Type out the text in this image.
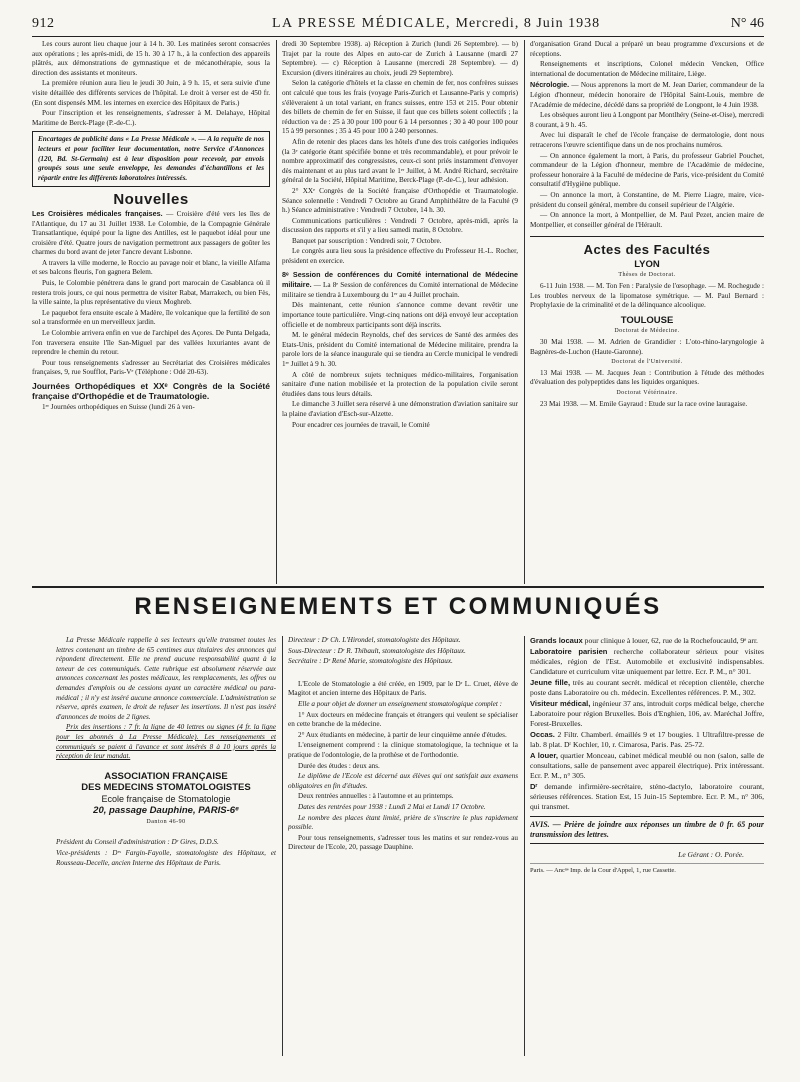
912	LA PRESSE MÉDICALE, Mercredi, 8 Juin 1938	N° 46

Les cours auront lieu chaque jour à 14 h. 30. Les matinées seront consacrées aux opérations ; les après-midi, de 15 h. 30 à 17 h., à la confection des appareils plâtrés, aux démonstrations de gymnastique et de mécanothérapie, sous la direction des assistants et moniteurs.

La première réunion aura lieu le jeudi 30 Juin, à 9 h. 15, et sera suivie d'une visite détaillée des différents services de l'hôpital. Le droit à verser est de 450 fr. (En sont dispensés MM. les internes en exercice des Hôpitaux de Paris.)

Pour l'inscription et les renseignements, s'adresser à M. Delahaye, Hôpital Maritime de Berck-Plage (P.-de-C.).

Encartages de publicité dans « La Presse Médicale ». — A la requête de nos lecteurs et pour faciliter leur documentation, notre Service d'Annonces (120, Bd. St-Germain) est à leur disposition pour recevoir, par envois groupés sous une seule enveloppe, les demandes d'échantillons et les répartir entre les différents laboratoires intéressés.
Nouvelles

Les Croisières médicales françaises. — Croisière d'été vers les îles de l'Atlantique, du 17 au 31 Juillet 1938. Le Colombie, de la Compagnie Générale Transatlantique, équipé pour la ligne des Antilles, est le paquebot idéal pour une croisière d'été. Quatre jours de navigation permettront aux passagers de goûter les charmes du bord avant de jeter l'ancre devant Lisbonne.

A travers la ville moderne, le Roccio au pavage noir et blanc, la vieille Alfama et ses balcons fleuris, l'on gagnera Belem.

Puis, le Colombie pénétrera dans le grand port marocain de Casablanca où il restera trois jours, ce qui nous permettra de visiter Rabat, Marrakech, ou bien Fès, la ville sainte, la plus représentative du vieux Moghreb.

Le paquebot fera ensuite escale à Madère, île volcanique que la fertilité de son sol a transformée en un merveilleux jardin.

Le Colombie arrivera enfin en vue de l'archipel des Açores. De Punta Delgada, l'on traversera ensuite l'île San-Miguel par des vallées luxuriantes avant de reprendre le chemin du retour.

Pour tous renseignements s'adresser au Secrétariat des Croisières médicales françaises, 9, rue Soufflot, Paris-Vᵉ (Téléphone : Odé 20-63).

Journées Orthopédiques et XXᵉ Congrès de la Société française d'Orthopédie et de Traumatologie.

1ᵉʳ Journées orthopédiques en Suisse (lundi 26 à ven-

dredi 30 Septembre 1938). a) Réception à Zurich (lundi 26 Septembre). — b) Trajet par la route des Alpes en auto-car de Zurich à Lausanne (mardi 27 Septembre). — c) Réception à Lausanne (mercredi 28 Septembre). — d) Excursion (divers itinéraires au choix, jeudi 29 Septembre).

Selon la catégorie d'hôtels et la classe en chemin de fer, nos confrères suisses ont calculé que tous les frais (voyage Paris-Zurich et Lausanne-Paris y compris) s'élèveraient à un total variant, en francs suisses, entre 153 et 215. Pour obtenir des billets de chemin de fer en Suisse, il faut que ces billets soient collectifs ; la réduction va de : 25 à 30 pour 100 pour 6 à 14 personnes ; 30 à 40 pour 100 pour 15 à 99 personnes ; 35 à 45 pour 100 à 240 personnes.

Afin de retenir des places dans les hôtels d'une des trois catégories indiquées (la 3ᵉ catégorie étant spécifiée bonne et très recommandable), et pour prévoir le nombre approximatif des congressistes, ceux-ci sont priés instamment d'envoyer dès maintenant et au plus tard avant le 1ᵉʳ Juillet, à M. André Richard, secrétaire général de la Société, Hôpital Maritime, Berck-Plage (P.-de-C.), leur adhésion.

2° XXᵉ Congrès de la Société française d'Orthopédie et Traumatologie. Séance solennelle : Vendredi 7 Octobre au Grand Amphithéâtre de la Faculté (9 h.) Séance administrative : Vendredi 7 Octobre, 14 h. 30.

Communications particulières : Vendredi 7 Octobre, après-midi, après la discussion des rapports et s'il y a lieu samedi matin, 8 Octobre.

Banquet par souscription : Vendredi soir, 7 Octobre.

Le congrès aura lieu sous la présidence effective du Professeur H.-L. Rocher, président en exercice.

8ᵉ Session de conférences du Comité international de Médecine militaire. — La 8ᵉ Session de conférences du Comité international de Médecine militaire se tiendra à Luxembourg du 1ᵉʳ au 4 Juillet prochain.

Dès maintenant, cette réunion s'annonce comme devant revêtir une importance toute particulière. Vingt-cinq nations ont déjà envoyé leur acceptation officielle et de nombreux participants sont déjà inscrits.

M. le général médecin Reynolds, chef des services de Santé des armées des Etats-Unis, président du Comité international de Médecine militaire, prendra la parole lors de la séance inaugurale qui se tiendra au Cercle municipal le vendredi 1ᵉʳ Juillet à 9 h. 30.

A côté de nombreux sujets techniques médico-militaires, l'organisation sanitaire d'une nation mobilisée et la protection de la population civile seront étudiées dans tous leurs détails.

Le dimanche 3 Juillet sera réservé à une démonstration d'aviation sanitaire sur la plaine d'aviation d'Esch-sur-Alzette.

Pour encadrer ces journées de travail, le Comité

d'organisation Grand Ducal a préparé un beau programme d'excursions et de réceptions.

Renseignements et inscriptions, Colonel médecin Vencken, Office international de documentation de Médecine militaire, Liège.

Nécrologie. — Nous apprenons la mort de M. Jean Darier, commandeur de la Légion d'honneur, médecin honoraire de l'Hôpital Saint-Louis, membre de l'Académie de médecine, décédé dans sa propriété de Longpont, le 4 Juin 1938.

Les obsèques auront lieu à Longpont par Montlhéry (Seine-et-Oise), mercredi 8 courant, à 9 h. 45.

Avec lui disparaît le chef de l'école française de dermatologie, dont nous retracerons l'œuvre scientifique dans un de nos prochains numéros.

— On annonce également la mort, à Paris, du professeur Gabriel Pouchet, commandeur de la Légion d'honneur, membre de l'Académie de médecine, professeur honoraire à la Faculté de médecine de Paris, vice-président du Comité consultatif d'Hygiène publique.

— On annonce la mort, à Constantine, de M. Pierre Liagre, maire, vice-président du conseil général, membre du conseil supérieur de l'Algérie.

— On annonce la mort, à Montpellier, de M. Paul Pezet, ancien maire de Montpellier, et conseiller général de l'Hérault.

Actes des Facultés
LYON
Thèses de Doctorat.

6-11 Juin 1938. — M. Ton Fen : Paralysie de l'œsophage. — M. Rochegude : Les troubles nerveux de la lipomatose symétrique. — M. Paul Bernard : Prophylaxie de la criminalité et de la délinquance alcoolique.

TOULOUSE
Doctorat de Médecine.

30 Mai 1938. — M. Adrien de Grandidier : L'oto-rhino-laryngologie à Bagnères-de-Luchon (Haute-Garonne).

Doctorat de l'Université.

13 Mai 1938. — M. Jacques Jean : Contribution à l'étude des méthodes d'évaluation des polypeptides dans les liquides organiques.

Doctorat Vétérinaire.

23 Mai 1938. — M. Emile Gayraud : Etude sur la race ovine lauragaise.

RENSEIGNEMENTS ET COMMUNIQUÉS

La Presse Médicale rappelle à ses lecteurs qu'elle transmet toutes les lettres contenant un timbre de 65 centimes aux titulaires des annonces qui répondent directement. Elle ne prend aucune responsabilité quant à la teneur de ces communiqués. Cette rubrique est absolument réservée aux annonces concernant les postes médicaux, les remplacements, les offres ou demandes d'emplois ou de cessions ayant un caractère médical ou para-médical ; il n'y est inséré aucune annonce commerciale. L'administration se réserve, après examen, le droit de refuser les insertions. Il n'est pas inséré d'annonces de moins de 2 lignes.

Prix des insertions : 7 fr. la ligne de 40 lettres ou signes (4 fr. la ligne pour les abonnés à La Presse Médicale). Les renseignements et communiqués se paient à l'avance et sont insérés 8 à 10 jours après la réception de leur mandat.

ASSOCIATION FRANÇAISE
DES MEDECINS STOMATOLOGISTES
Ecole française de Stomatologie
20, passage Dauphine, PARIS-6ᵉ
Danton 46-90

Président du Conseil d'administration : Dʳ Gires, D.D.S.

Vice-présidents : Dʳˢ Fargin-Fayolle, stomatologiste des Hôpitaux, et Rousseau-Decelle, ancien Interne des Hôpitaux de Paris.

Directeur : Dʳ Ch. L'Hirondel, stomatologiste des Hôpitaux.

Sous-Directeur : Dʳ R. Thibault, stomatologiste des Hôpitaux.

Secrétaire : Dʳ René Marie, stomatologiste des Hôpitaux.

L'Ecole de Stomatologie a été créée, en 1909, par le Dʳ L. Cruet, élève de Magitot et ancien interne des Hôpitaux de Paris.

Elle a pour objet de donner un enseignement stomatologique complet :

1° Aux docteurs en médecine français et étrangers qui veulent se spécialiser en cette branche de la médecine.

2° Aux étudiants en médecine, à partir de leur cinquième année d'études.

L'enseignement comprend : la clinique stomatologique, la technique et la pratique de l'odontologie, de la prothèse et de l'orthodontie.

Durée des études : deux ans.

Le diplôme de l'Ecole est décerné aux élèves qui ont satisfait aux examens obligatoires en fin d'études.

Deux rentrées annuelles : à l'automne et au printemps.

Dates des rentrées pour 1938 : Lundi 2 Mai et Lundi 17 Octobre.

Le nombre des places étant limité, prière de s'inscrire le plus rapidement possible.

Pour tous renseignements, s'adresser tous les matins et sur rendez-vous au Directeur de l'Ecole, 20, passage Dauphine.

Grands locaux pour clinique à louer, 62, rue de la Rochefoucauld, 9ᵉ arr.

Laboratoire parisien recherche collaborateur sérieux pour visites médicales, région de l'Est. Automobile et exclusivité indispensables. Candidature et curriculum vitæ uniquement par lettre. Ecr. P. M., n° 301.

Jeune fille, très au courant secrét. médical et réception clientèle, cherche poste dans Laboratoire ou ch. médecin. Excellentes références. P. M., 302.

Visiteur médical, ingénieur 37 ans, introduit corps médical belge, cherche Laboratoire pour région Bruxelles. Bois d'Enghien, 106, av. Maréchal Joffre, Forest-Bruxelles.

Occas. 2 Filtr. Chamberl. émaillés 9 et 17 bougies. 1 Ultrafiltre-presse de lab. 8 plat. Dʳ Kochler, 10, r. Cimarosa, Paris. Pas. 25-72.

A louer, quartier Monceau, cabinet médical meublé ou non (salon, salle de consultations, salle de pansement avec appareil électrique). Prix intéressant. Ecr. P. M., n° 305.

Dʳ demande infirmière-secrétaire, sténo-dactylo, laboratoire courant, sérieuses références. Station Est, 15 Juin-15 Septembre. Ecr. P. M., n° 306, qui transmet.

AVIS. — Prière de joindre aux réponses un timbre de 0 fr. 65 pour transmission des lettres.
Le Gérant : O. Porée.
Paris. — Ancⁿᵉ Imp. de la Cour d'Appel, 1, rue Cassette.
